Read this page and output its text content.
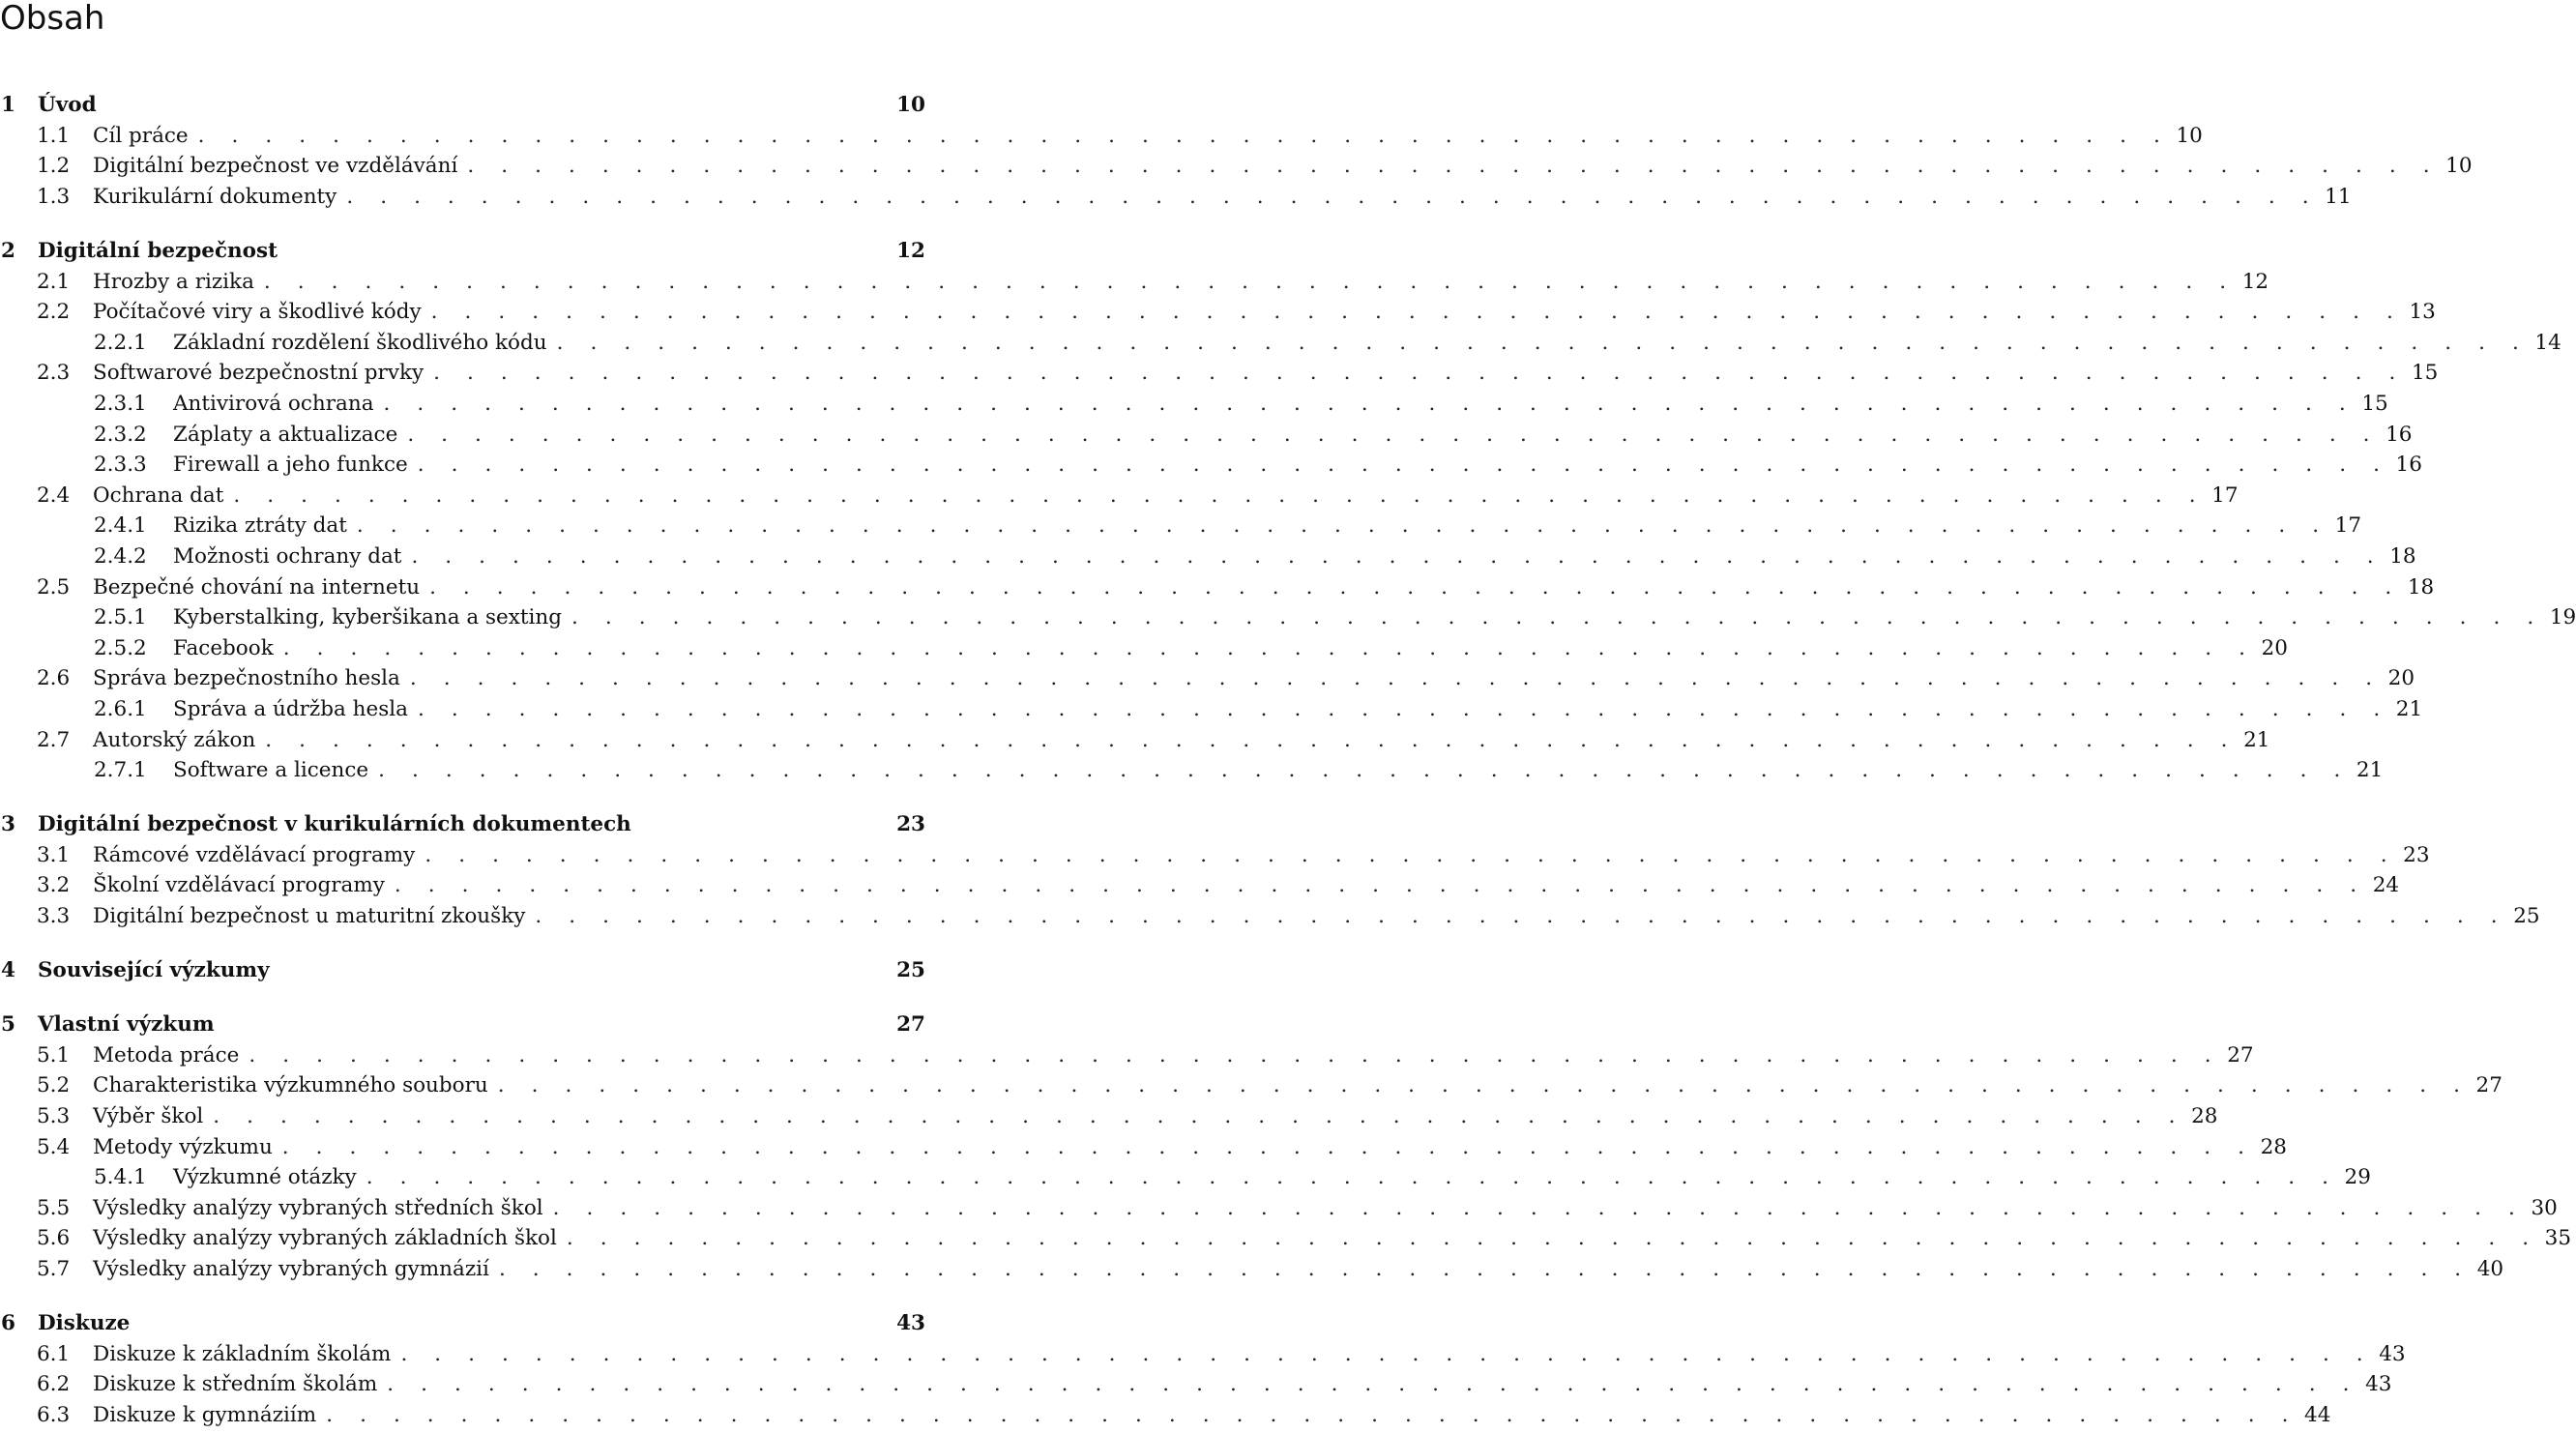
Obsah
1	Úvod	10
1.1	Cíl práce . . . . . . . . . . . . . . . . . . . . . . . . . . . . . . . . . . . . . . . . . . . . . . . . . . . . . . . . . . . 10
1.2	Digitální bezpečnost ve vzdělávání . . . . . . . . . . . . . . . . . . . . . . . . . . . . . . . . . . . . . . . . . . . . . . . . . . . . . . . . . . . 10
1.3	Kurikulární dokumenty . . . . . . . . . . . . . . . . . . . . . . . . . . . . . . . . . . . . . . . . . . . . . . . . . . . . . . . . . . . 11
2	Digitální bezpečnost	12
2.1	Hrozby a rizika . . . . . . . . . . . . . . . . . . . . . . . . . . . . . . . . . . . . . . . . . . . . . . . . . . . . . . . . . . . 12
2.2	Počítačové viry a škodlivé kódy . . . . . . . . . . . . . . . . . . . . . . . . . . . . . . . . . . . . . . . . . . . . . . . . . . . . . . . . . . . 13
2.2.1	Základní rozdělení škodlivého kódu . . . . . . . . . . . . . . . . . . . . . . . . . . . . . . . . . . . . . . . . . . . . . . . . . . . . . . . . . . . 14
2.3	Softwarové bezpečnostní prvky . . . . . . . . . . . . . . . . . . . . . . . . . . . . . . . . . . . . . . . . . . . . . . . . . . . . . . . . . . . 15
2.3.1	Antivirová ochrana . . . . . . . . . . . . . . . . . . . . . . . . . . . . . . . . . . . . . . . . . . . . . . . . . . . . . . . . . . . 15
2.3.2	Záplaty a aktualizace . . . . . . . . . . . . . . . . . . . . . . . . . . . . . . . . . . . . . . . . . . . . . . . . . . . . . . . . . . . 16
2.3.3	Firewall a jeho funkce . . . . . . . . . . . . . . . . . . . . . . . . . . . . . . . . . . . . . . . . . . . . . . . . . . . . . . . . . . . 16
2.4	Ochrana dat . . . . . . . . . . . . . . . . . . . . . . . . . . . . . . . . . . . . . . . . . . . . . . . . . . . . . . . . . . . 17
2.4.1	Rizika ztráty dat . . . . . . . . . . . . . . . . . . . . . . . . . . . . . . . . . . . . . . . . . . . . . . . . . . . . . . . . . . . 17
2.4.2	Možnosti ochrany dat . . . . . . . . . . . . . . . . . . . . . . . . . . . . . . . . . . . . . . . . . . . . . . . . . . . . . . . . . . . 18
2.5	Bezpečné chování na internetu . . . . . . . . . . . . . . . . . . . . . . . . . . . . . . . . . . . . . . . . . . . . . . . . . . . . . . . . . . . 18
2.5.1	Kyberstalking, kyberšikana a sexting . . . . . . . . . . . . . . . . . . . . . . . . . . . . . . . . . . . . . . . . . . . . . . . . . . . . . . . . . . . 19
2.5.2	Facebook . . . . . . . . . . . . . . . . . . . . . . . . . . . . . . . . . . . . . . . . . . . . . . . . . . . . . . . . . . . 20
2.6	Správa bezpečnostního hesla . . . . . . . . . . . . . . . . . . . . . . . . . . . . . . . . . . . . . . . . . . . . . . . . . . . . . . . . . . . 20
2.6.1	Správa a údržba hesla . . . . . . . . . . . . . . . . . . . . . . . . . . . . . . . . . . . . . . . . . . . . . . . . . . . . . . . . . . . 21
2.7	Autorský zákon . . . . . . . . . . . . . . . . . . . . . . . . . . . . . . . . . . . . . . . . . . . . . . . . . . . . . . . . . . . 21
2.7.1	Software a licence . . . . . . . . . . . . . . . . . . . . . . . . . . . . . . . . . . . . . . . . . . . . . . . . . . . . . . . . . . . 21
3	Digitální bezpečnost v kurikulárních dokumentech	23
3.1	Rámcové vzdělávací programy . . . . . . . . . . . . . . . . . . . . . . . . . . . . . . . . . . . . . . . . . . . . . . . . . . . . . . . . . . . 23
3.2	Školní vzdělávací programy . . . . . . . . . . . . . . . . . . . . . . . . . . . . . . . . . . . . . . . . . . . . . . . . . . . . . . . . . . . 24
3.3	Digitální bezpečnost u maturitní zkoušky . . . . . . . . . . . . . . . . . . . . . . . . . . . . . . . . . . . . . . . . . . . . . . . . . . . . . . . . . . . 25
4	Související výzkumy	25
5	Vlastní výzkum	27
5.1	Metoda práce . . . . . . . . . . . . . . . . . . . . . . . . . . . . . . . . . . . . . . . . . . . . . . . . . . . . . . . . . . . 27
5.2	Charakteristika výzkumného souboru . . . . . . . . . . . . . . . . . . . . . . . . . . . . . . . . . . . . . . . . . . . . . . . . . . . . . . . . . . . 27
5.3	Výběr škol . . . . . . . . . . . . . . . . . . . . . . . . . . . . . . . . . . . . . . . . . . . . . . . . . . . . . . . . . . . 28
5.4	Metody výzkumu . . . . . . . . . . . . . . . . . . . . . . . . . . . . . . . . . . . . . . . . . . . . . . . . . . . . . . . . . . . 28
5.4.1	Výzkumné otázky . . . . . . . . . . . . . . . . . . . . . . . . . . . . . . . . . . . . . . . . . . . . . . . . . . . . . . . . . . . 29
5.5	Výsledky analýzy vybraných středních škol . . . . . . . . . . . . . . . . . . . . . . . . . . . . . . . . . . . . . . . . . . . . . . . . . . . . . . . . . . . 30
5.6	Výsledky analýzy vybraných základních škol . . . . . . . . . . . . . . . . . . . . . . . . . . . . . . . . . . . . . . . . . . . . . . . . . . . . . . . . . . . 35
5.7	Výsledky analýzy vybraných gymnázií . . . . . . . . . . . . . . . . . . . . . . . . . . . . . . . . . . . . . . . . . . . . . . . . . . . . . . . . . . . 40
6	Diskuze	43
6.1	Diskuze k základním školám . . . . . . . . . . . . . . . . . . . . . . . . . . . . . . . . . . . . . . . . . . . . . . . . . . . . . . . . . . . 43
6.2	Diskuze k středním školám . . . . . . . . . . . . . . . . . . . . . . . . . . . . . . . . . . . . . . . . . . . . . . . . . . . . . . . . . . . 43
6.3	Diskuze k gymnáziím . . . . . . . . . . . . . . . . . . . . . . . . . . . . . . . . . . . . . . . . . . . . . . . . . . . . . . . . . . . 44
